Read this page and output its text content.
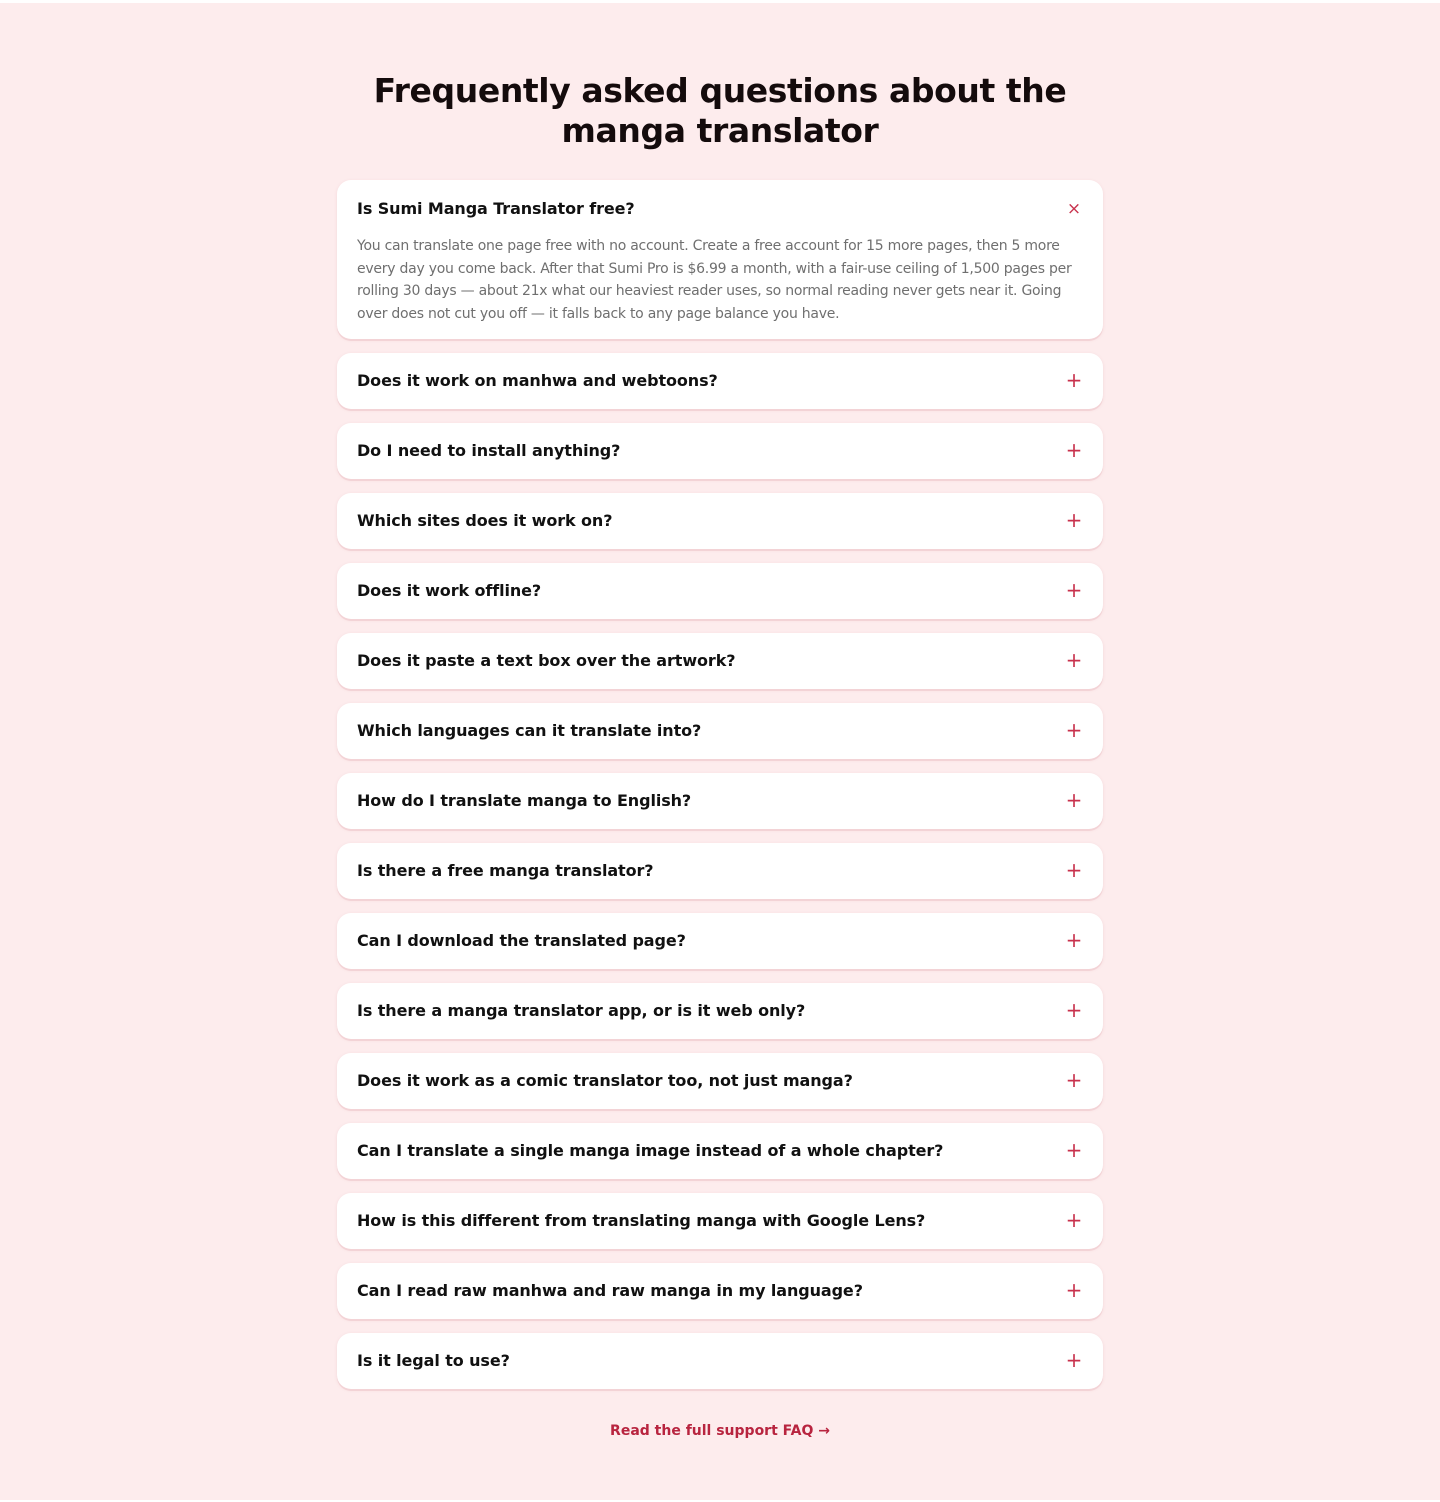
Frequently asked questions about the manga translator
Is Sumi Manga Translator free?	×

You can translate one page free with no account. Create a free account for 15 more pages, then 5 more every day you come back. After that Sumi Pro is $6.99 a month, with a fair-use ceiling of 1,500 pages per rolling 30 days — about 21x what our heaviest reader uses, so normal reading never gets near it. Going over does not cut you off — it falls back to any page balance you have.

Does it work on manhwa and webtoons?	+
Do I need to install anything?	+
Which sites does it work on?	+
Does it work offline?	+
Does it paste a text box over the artwork?	+
Which languages can it translate into?	+
How do I translate manga to English?	+
Is there a free manga translator?	+
Can I download the translated page?	+
Is there a manga translator app, or is it web only?	+
Does it work as a comic translator too, not just manga?	+
Can I translate a single manga image instead of a whole chapter?	+
How is this different from translating manga with Google Lens?	+
Can I read raw manhwa and raw manga in my language?	+
Is it legal to use?	+
Read the full support FAQ →
